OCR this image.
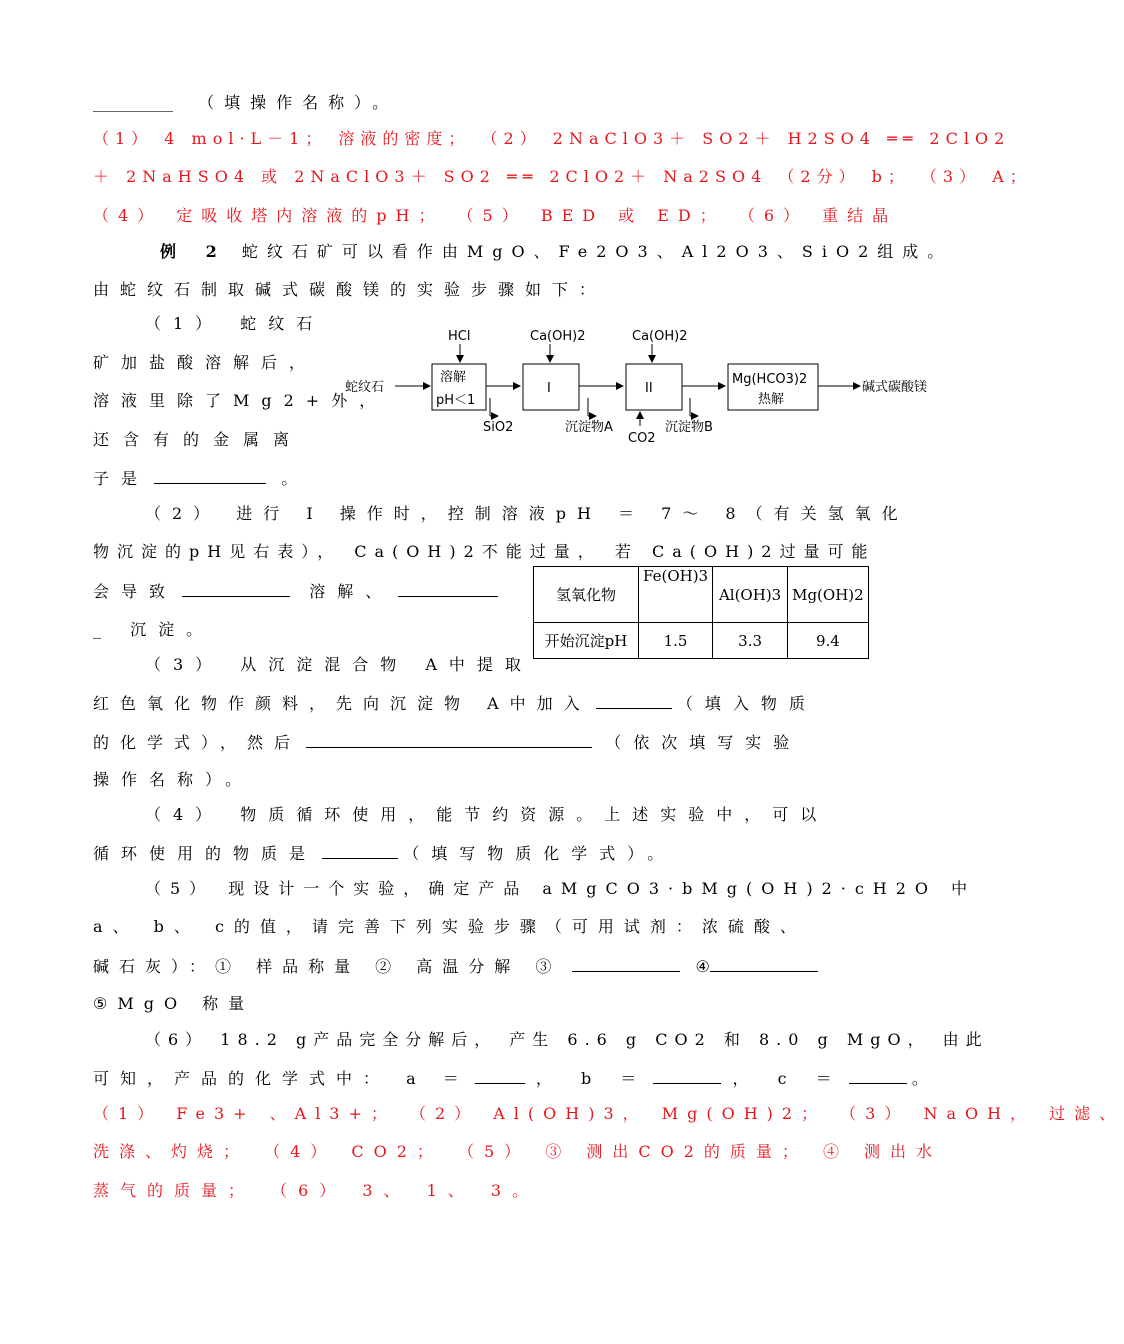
__________ （填操作名称）。
（1） 4 mol·L－1； 溶液的密度； （2） 2NaClO3＋ SO2＋ H2SO4 ══ 2ClO2
＋ 2NaHSO4 或 2NaClO3＋ SO2 ══ 2ClO2＋ Na2SO4 （2分） b； （3） A；
（4） 定吸收塔内溶液的pH； （5） BED 或 ED； （6） 重结晶
例 2 蛇纹石矿可以看作由MgO、Fe2O3、Al2O3、SiO2组成。
由蛇纹石制取碱式碳酸镁的实验步骤如下：
（1） 蛇纹石
矿加盐酸溶解后，
溶液里除了Mg2+外，
还含有的金属离
子是	。
蛇纹石
HCl
溶解
pH＜1
SiO2
Ca(OH)2
I
沉淀物A
Ca(OH)2
II
CO2
沉淀物B
Mg(HCO3)2
热解
碱式碳酸镁
（2） 进行 Ⅰ 操作时，控制溶液pH ＝ 7～ 8（有关氢氧化
物沉淀的pH见右表）， Ca(OH)2不能过量， 若 Ca(OH)2过量可能
会导致	溶解、
_ 沉淀。
氢氧化物	Fe(OH)3	Al(OH)3	Mg(OH)2
开始沉淀pH	1.5	3.3	9.4
（3） 从沉淀混合物 A中提取
红色氧化物作颜料，先向沉淀物 A中加入	（填入物质
的化学式），然后	（依次填写实验
操作名称）。
（4） 物质循环使用，能节约资源。上述实验中，可以
循环使用的物质是	（填写物质化学式）。
（5） 现设计一个实验，确定产品 aMgCO3·bMg(OH)2·cH2O 中
a、 b、 c的值，请完善下列实验步骤（可用试剂：浓硫酸、
碱石灰）：① 样品称量 ② 高温分解 ③	④
⑤MgO 称量
（6） 18.2 g产品完全分解后， 产生 6.6 g CO2 和 8.0 g MgO， 由此
可知，产品的化学式中： a ＝	， b ＝	， c ＝	。
（1） Fe3+ 、Al3+； （2） Al(OH)3， Mg(OH)2； （3） NaOH， 过滤、
洗涤、灼烧； （4） CO2； （5） ③ 测出CO2的质量； ④ 测出水
蒸气的质量； （6） 3、 1、 3。
